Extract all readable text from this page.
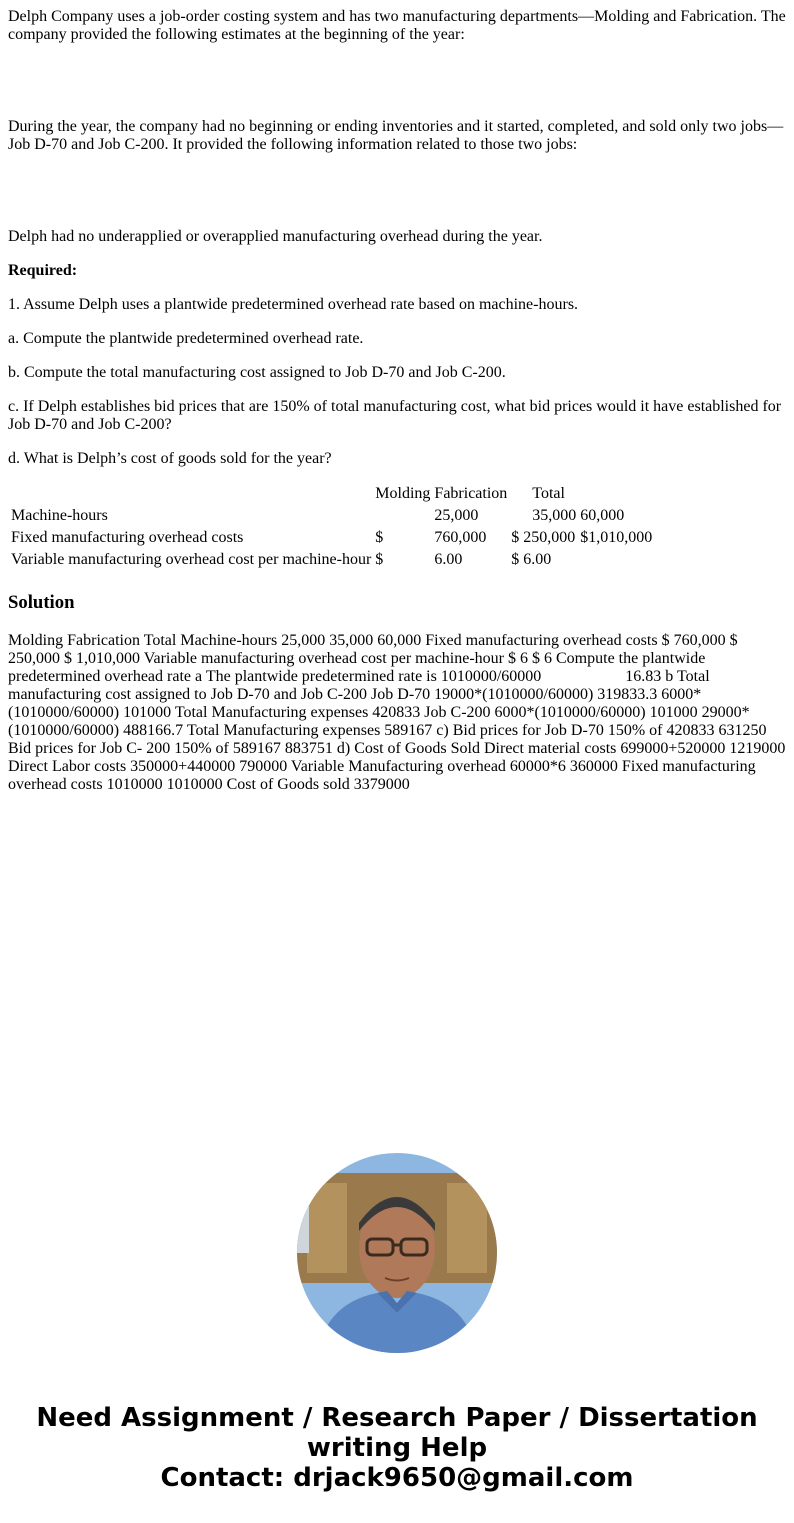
Delph Company uses a job-order costing system and has two manufacturing departments—Molding and Fabrication. The company provided the following estimates at the beginning of the year:

During the year, the company had no beginning or ending inventories and it started, completed, and sold only two jobs—Job D-70 and Job C-200. It provided the following information related to those two jobs:

Delph had no underapplied or overapplied manufacturing overhead during the year.

Required:

1. Assume Delph uses a plantwide predetermined overhead rate based on machine-hours.

a. Compute the plantwide predetermined overhead rate.

b. Compute the total manufacturing cost assigned to Job D-70 and Job C-200.

c. If Delph establishes bid prices that are 150% of total manufacturing cost, what bid prices would it have established for Job D-70 and Job C-200?

d. What is Delph’s cost of goods sold for the year?

	Molding	Fabrication		Total	
Machine-hours		25,000		35,000	60,000
Fixed manufacturing overhead costs	$	760,000	$	250,000	$1,010,000
Variable manufacturing overhead cost per machine-hour	$	6.00	$	6.00	
Solution

Molding Fabrication Total Machine-hours 25,000 35,000 60,000 Fixed manufacturing overhead costs $ 760,000 $ 250,000 $ 1,010,000 Variable manufacturing overhead cost per machine-hour $ 6 $ 6 Compute the plantwide predetermined overhead rate a The plantwide predetermined rate is 1010000/60000                     16.83 b Total manufacturing cost assigned to Job D-70 and Job C-200 Job D-70 19000*(1010000/60000) 319833.3 6000*(1010000/60000) 101000 Total Manufacturing expenses 420833 Job C-200 6000*(1010000/60000) 101000 29000*(1010000/60000) 488166.7 Total Manufacturing expenses 589167 c) Bid prices for Job D-70 150% of 420833 631250 Bid prices for Job C- 200 150% of 589167 883751 d) Cost of Goods Sold Direct material costs 699000+520000 1219000 Direct Labor costs 350000+440000 790000 Variable Manufacturing overhead 60000*6 360000 Fixed manufacturing overhead costs 1010000 1010000 Cost of Goods sold 3379000

Need Assignment / Research Paper / Dissertation writing Help
Contact: drjack9650@gmail.com
